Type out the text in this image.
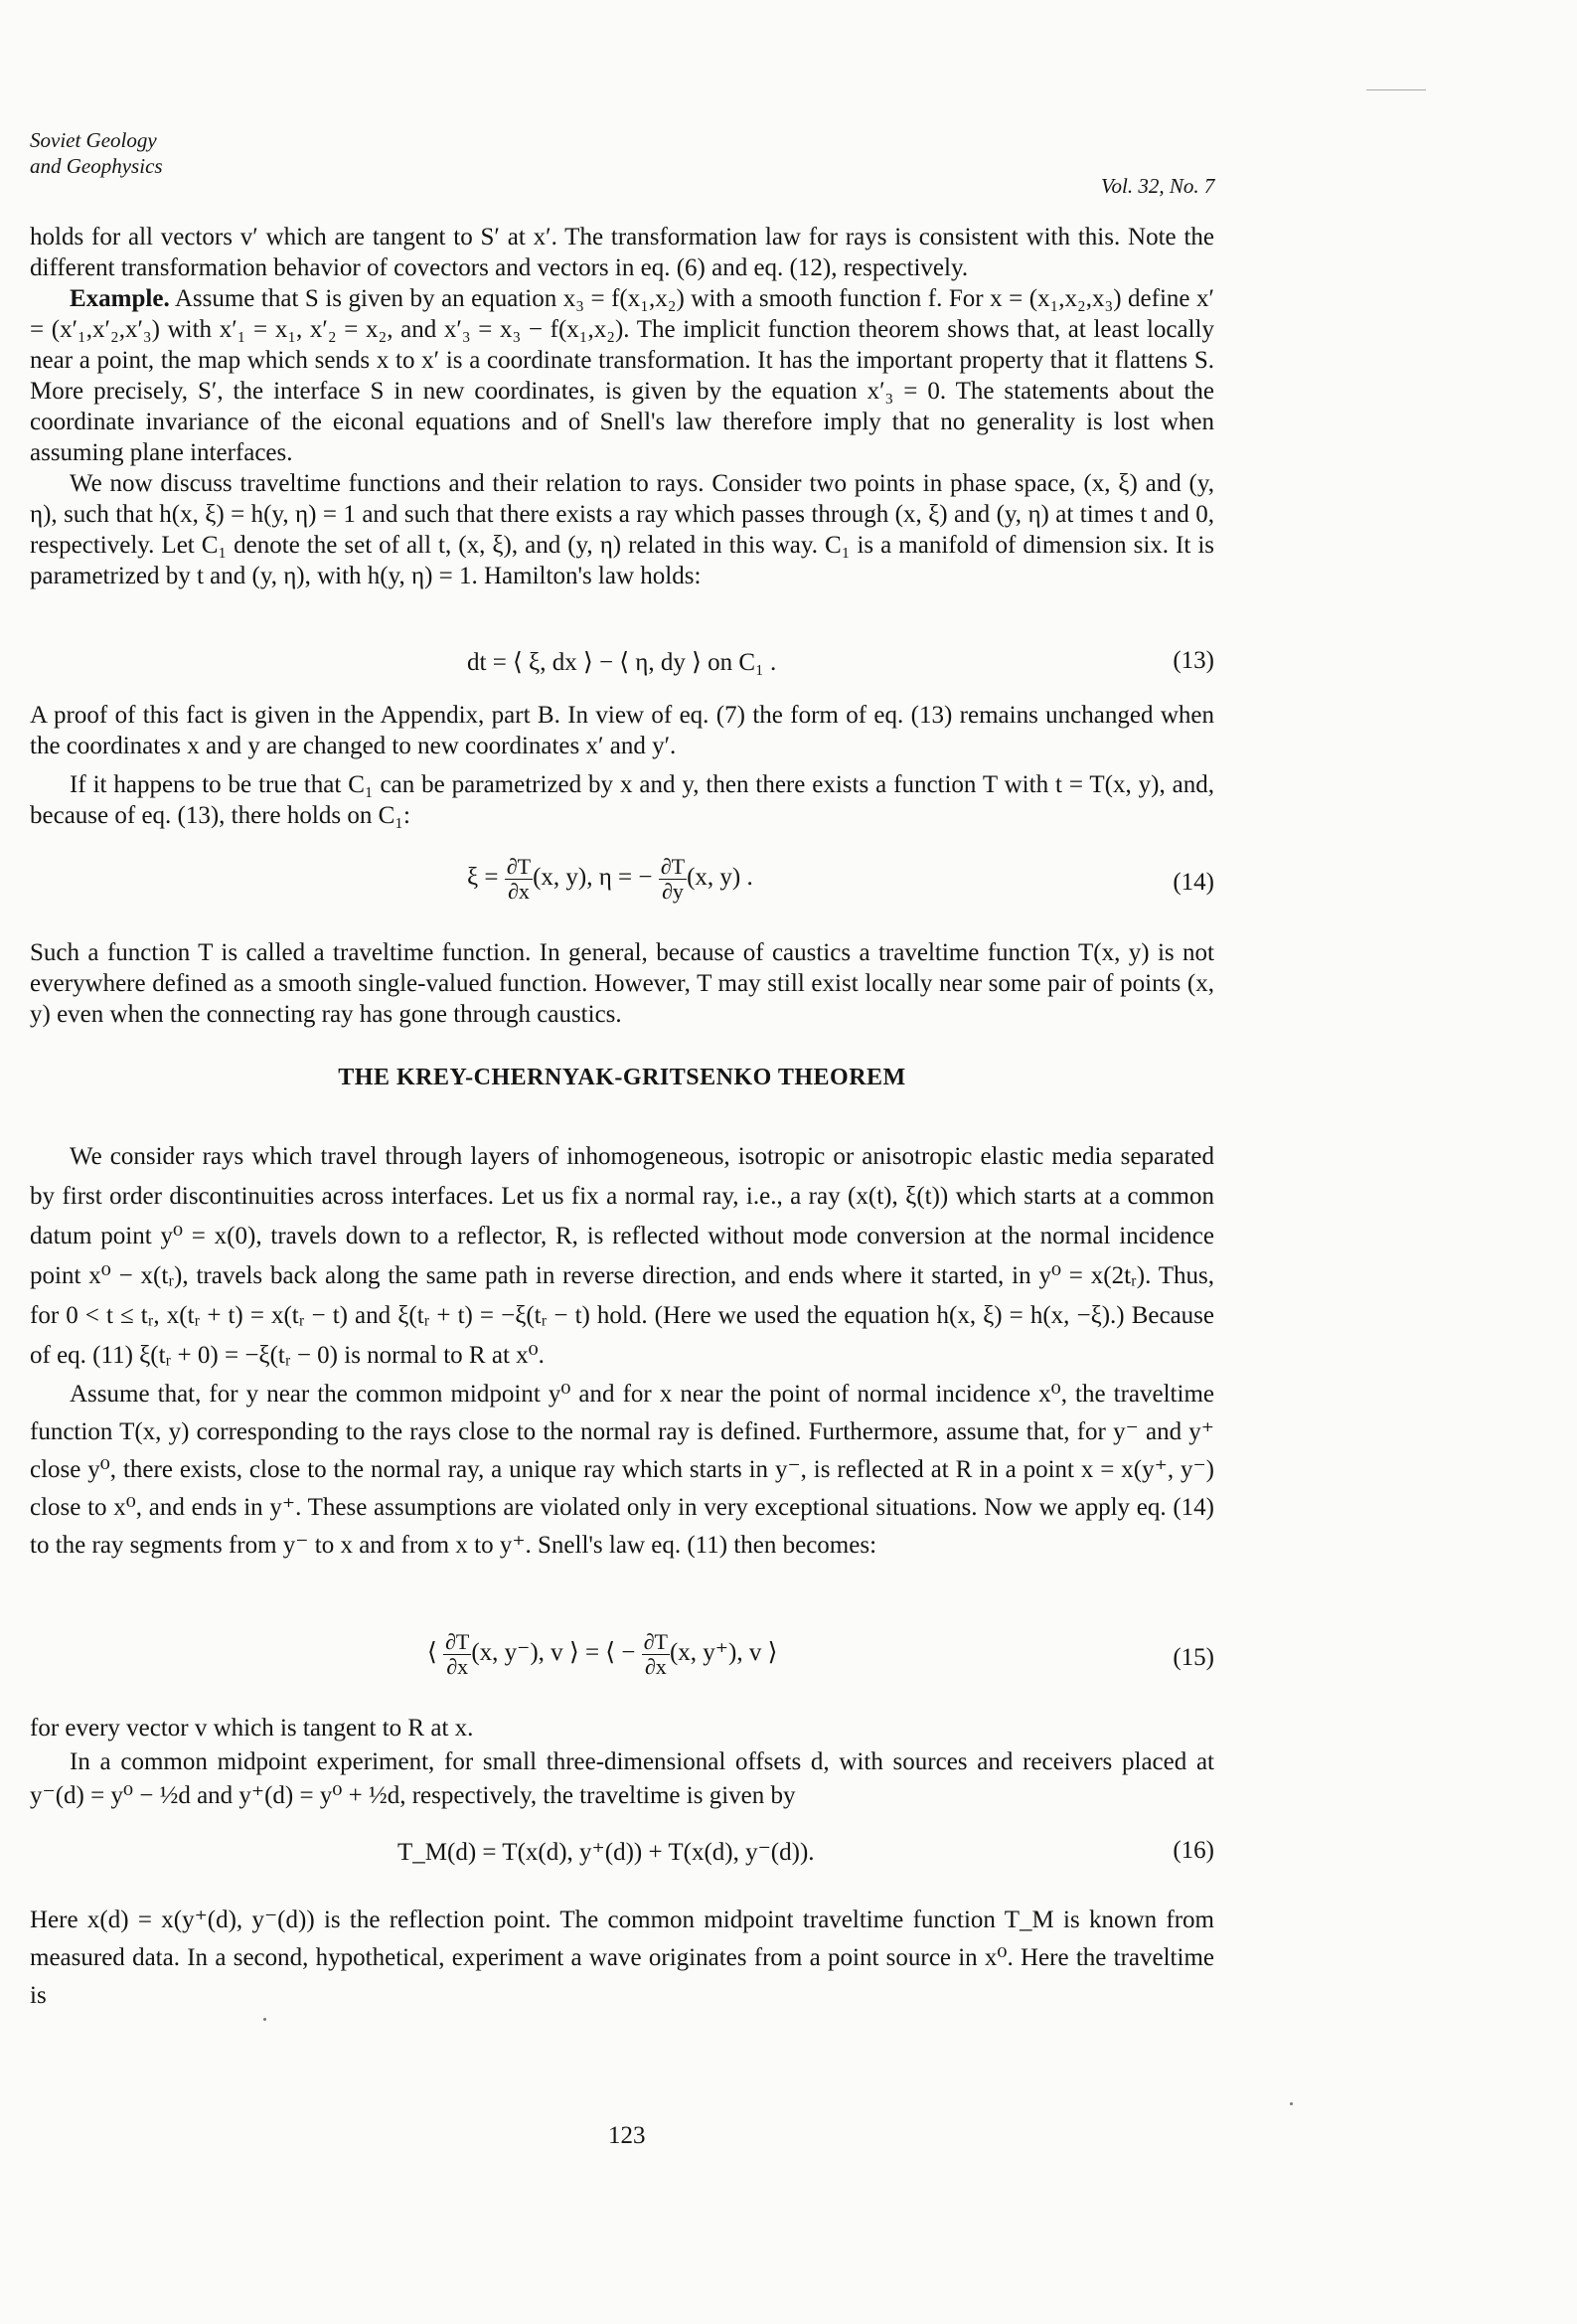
Soviet Geology
and Geophysics
Vol. 32, No. 7

holds for all vectors v′ which are tangent to S′ at x′. The transformation law for rays is consistent with this. Note the different transformation behavior of covectors and vectors in eq. (6) and eq. (12), respectively.

Example. Assume that S is given by an equation x₃ = f(x₁,x₂) with a smooth function f. For x = (x₁,x₂,x₃) define x′ = (x′₁,x′₂,x′₃) with x′₁ = x₁, x′₂ = x₂, and x′₃ = x₃ − f(x₁,x₂). The implicit function theorem shows that, at least locally near a point, the map which sends x to x′ is a coordinate transformation. It has the important property that it flattens S. More precisely, S′, the interface S in new coordinates, is given by the equation x′₃ = 0. The statements about the coordinate invariance of the eiconal equations and of Snell's law therefore imply that no generality is lost when assuming plane interfaces.

We now discuss traveltime functions and their relation to rays. Consider two points in phase space, (x, ξ) and (y, η), such that h(x, ξ) = h(y, η) = 1 and such that there exists a ray which passes through (x, ξ) and (y, η) at times t and 0, respectively. Let C₁ denote the set of all t, (x, ξ), and (y, η) related in this way. C₁ is a manifold of dimension six. It is parametrized by t and (y, η), with h(y, η) = 1. Hamilton's law holds:

dt = ⟨ ξ, dx ⟩ − ⟨ η, dy ⟩ on C₁ .	(13)

A proof of this fact is given in the Appendix, part B. In view of eq. (7) the form of eq. (13) remains unchanged when the coordinates x and y are changed to new coordinates x′ and y′.

If it happens to be true that C₁ can be parametrized by x and y, then there exists a function T with t = T(x, y), and, because of eq. (13), there holds on C₁:

$\xi = \frac{\partial T}{\partial x} (x$, y), η = − $\frac{\partial T}{\partial y} (x$, y) .	(14)

Such a function T is called a traveltime function. In general, because of caustics a traveltime function T(x, y) is not everywhere defined as a smooth single-valued function. However, T may still exist locally near some pair of points (x, y) even when the connecting ray has gone through caustics.

THE KREY-CHERNYAK-GRITSENKO THEOREM

We consider rays which travel through layers of inhomogeneous, isotropic or anisotropic elastic media separated by first order discontinuities across interfaces. Let us fix a normal ray, i.e., a ray (x(t), ξ(t)) which starts at a common datum point y⁰ = x(0), travels down to a reflector, R, is reflected without mode conversion at the normal incidence point x⁰ − x(tᵣ), travels back along the same path in reverse direction, and ends where it started, in y⁰ = x(2tᵣ). Thus, for 0 < t ≤ tᵣ, x(tᵣ + t) = x(tᵣ − t) and ξ(tᵣ + t) = −ξ(tᵣ − t) hold. (Here we used the equation h(x, ξ) = h(x, −ξ).) Because of eq. (11) ξ(tᵣ + 0) = −ξ(tᵣ − 0) is normal to R at x⁰.

Assume that, for y near the common midpoint y⁰ and for x near the point of normal incidence x⁰, the traveltime function T(x, y) corresponding to the rays close to the normal ray is defined. Furthermore, assume that, for y⁻ and y⁺ close y⁰, there exists, close to the normal ray, a unique ray which starts in y⁻, is reflected at R in a point x = x(y⁺, y⁻) close to x⁰, and ends in y⁺. These assumptions are violated only in very exceptional situations. Now we apply eq. (14) to the ray segments from y⁻ to x and from x to y⁺. Snell's law eq. (11) then becomes:

⟨ $\frac{\partial T}{\partial x} (x$, y⁻), v ⟩ = ⟨ − $\frac{\partial T}{\partial x} (x$, y⁺), v ⟩	(15)

for every vector v which is tangent to R at x.

In a common midpoint experiment, for small three-dimensional offsets d, with sources and receivers placed at y⁻(d) = y⁰ − ½d and y⁺(d) = y⁰ + ½d, respectively, the traveltime is given by

T_M(d) = T(x(d), y⁺(d)) + T(x(d), y⁻(d)).	(16)

Here x(d) = x(y⁺(d), y⁻(d)) is the reflection point. The common midpoint traveltime function T_M is known from measured data. In a second, hypothetical, experiment a wave originates from a point source in x⁰. Here the traveltime is

123
